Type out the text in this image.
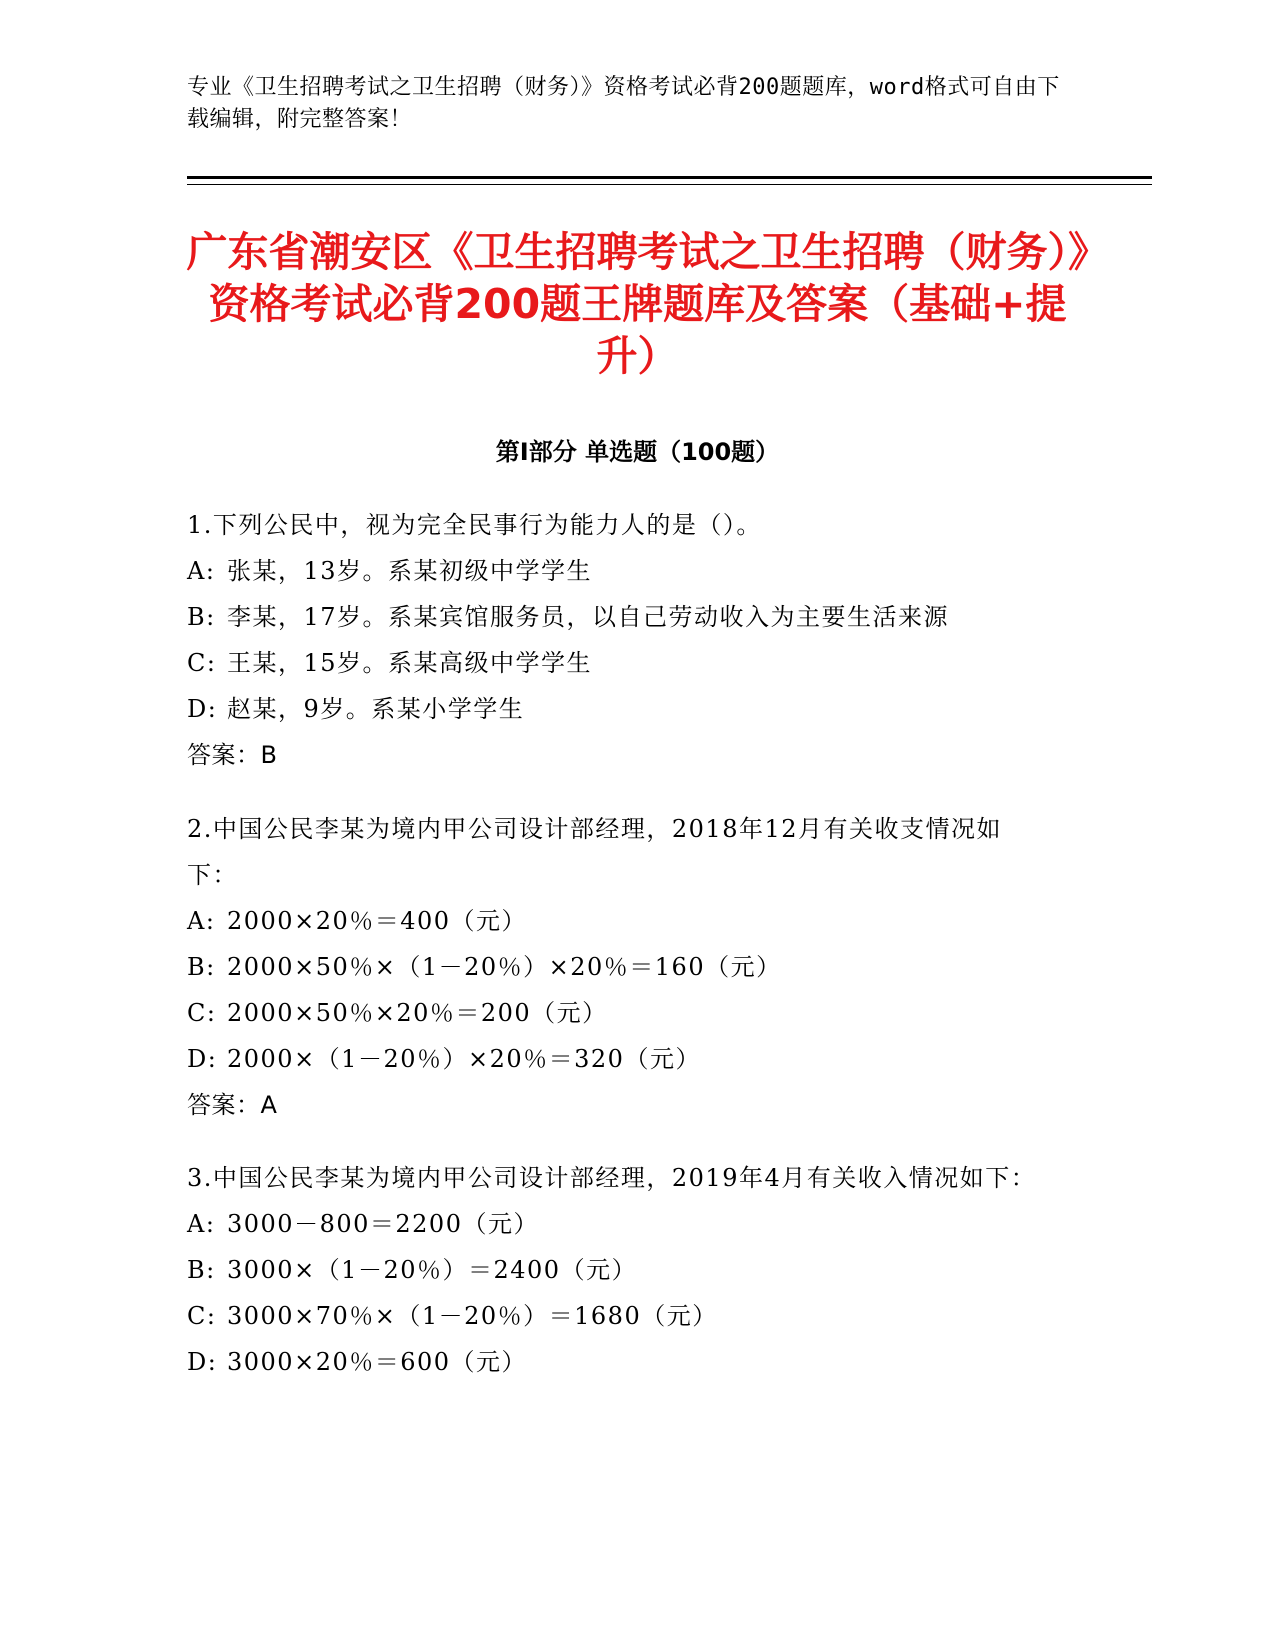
专业《卫生招聘考试之卫生招聘（财务）》资格考试必背200题题库，word格式可自由下载编辑，附完整答案！
广东省潮安区《卫生招聘考试之卫生招聘（财务）》资格考试必背200题王牌题库及答案（基础+提升）
第Ⅰ部分 单选题（100题）
1.下列公民中，视为完全民事行为能力人的是（）。
A: 张某，13岁。系某初级中学学生
B: 李某，17岁。系某宾馆服务员，以自己劳动收入为主要生活来源
C: 王某，15岁。系某高级中学学生
D: 赵某，9岁。系某小学学生
答案：B
2.中国公民李某为境内甲公司设计部经理，2018年12月有关收支情况如下：
A: 2000×20％＝400（元）
B: 2000×50％×（1－20％）×20％＝160（元）
C: 2000×50％×20％＝200（元）
D: 2000×（1－20％）×20％＝320（元）
答案：A
3.中国公民李某为境内甲公司设计部经理，2019年4月有关收入情况如下：
A: 3000－800＝2200（元）
B: 3000×（1－20％）＝2400（元）
C: 3000×70％×（1－20％）＝1680（元）
D: 3000×20％＝600（元）
